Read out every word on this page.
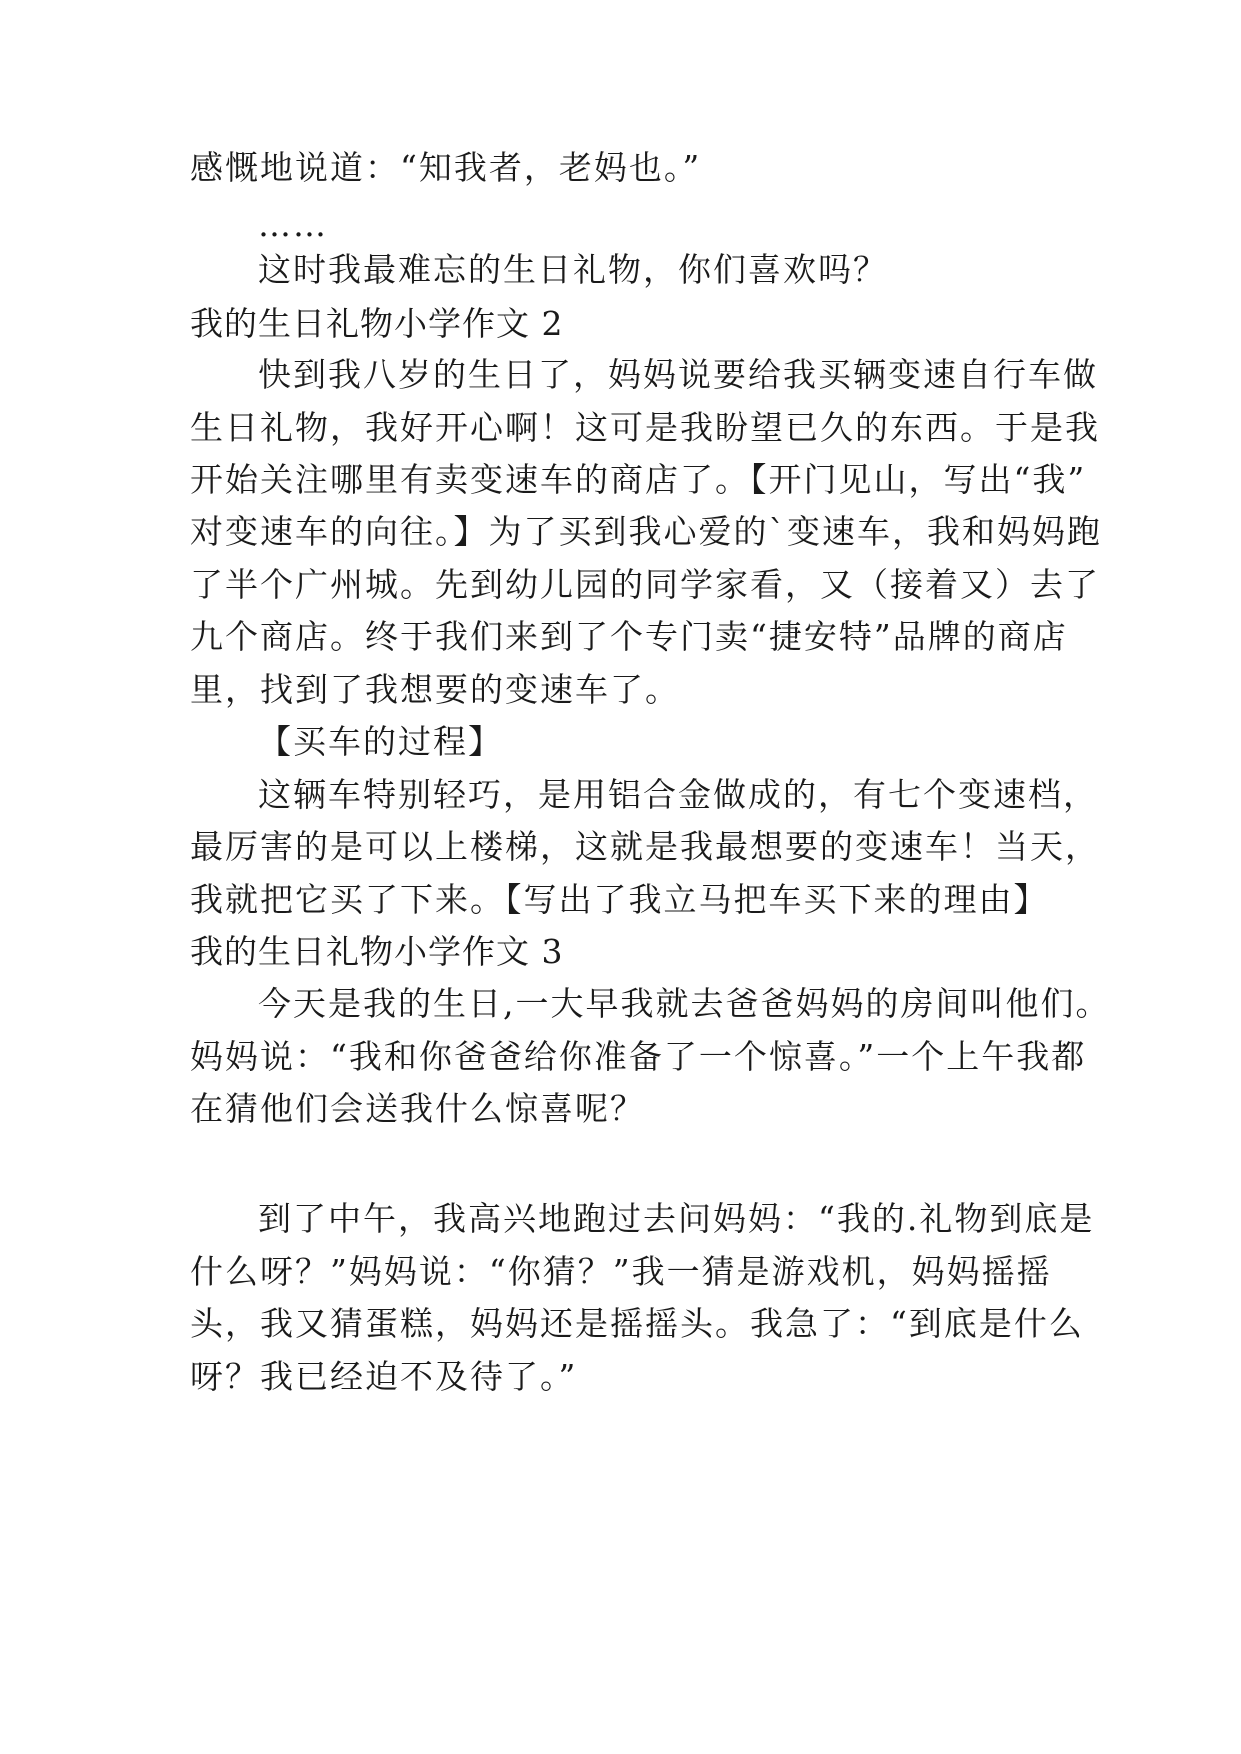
感慨地说道：“知我者，老妈也。”
……
这时我最难忘的生日礼物，你们喜欢吗？
我的生日礼物小学作文 2
快到我八岁的生日了，妈妈说要给我买辆变速自行车做
生日礼物，我好开心啊！这可是我盼望已久的东西。于是我
开始关注哪里有卖变速车的商店了。【开门见山，写出“我”
对变速车的向往。】为了买到我心爱的`变速车，我和妈妈跑
了半个广州城。先到幼儿园的同学家看，又（接着又）去了
九个商店。终于我们来到了个专门卖“捷安特”品牌的商店
里，找到了我想要的变速车了。
【买车的过程】
这辆车特别轻巧，是用铝合金做成的，有七个变速档，
最厉害的是可以上楼梯，这就是我最想要的变速车！当天，
我就把它买了下来。【写出了我立马把车买下来的理由】
我的生日礼物小学作文 3
今天是我的生日,一大早我就去爸爸妈妈的房间叫他们。
妈妈说：“我和你爸爸给你准备了一个惊喜。”一个上午我都
在猜他们会送我什么惊喜呢？
到了中午，我高兴地跑过去问妈妈：“我的.礼物到底是
什么呀？”妈妈说：“你猜？”我一猜是游戏机，妈妈摇摇
头，我又猜蛋糕，妈妈还是摇摇头。我急了：“到底是什么
呀？我已经迫不及待了。”
